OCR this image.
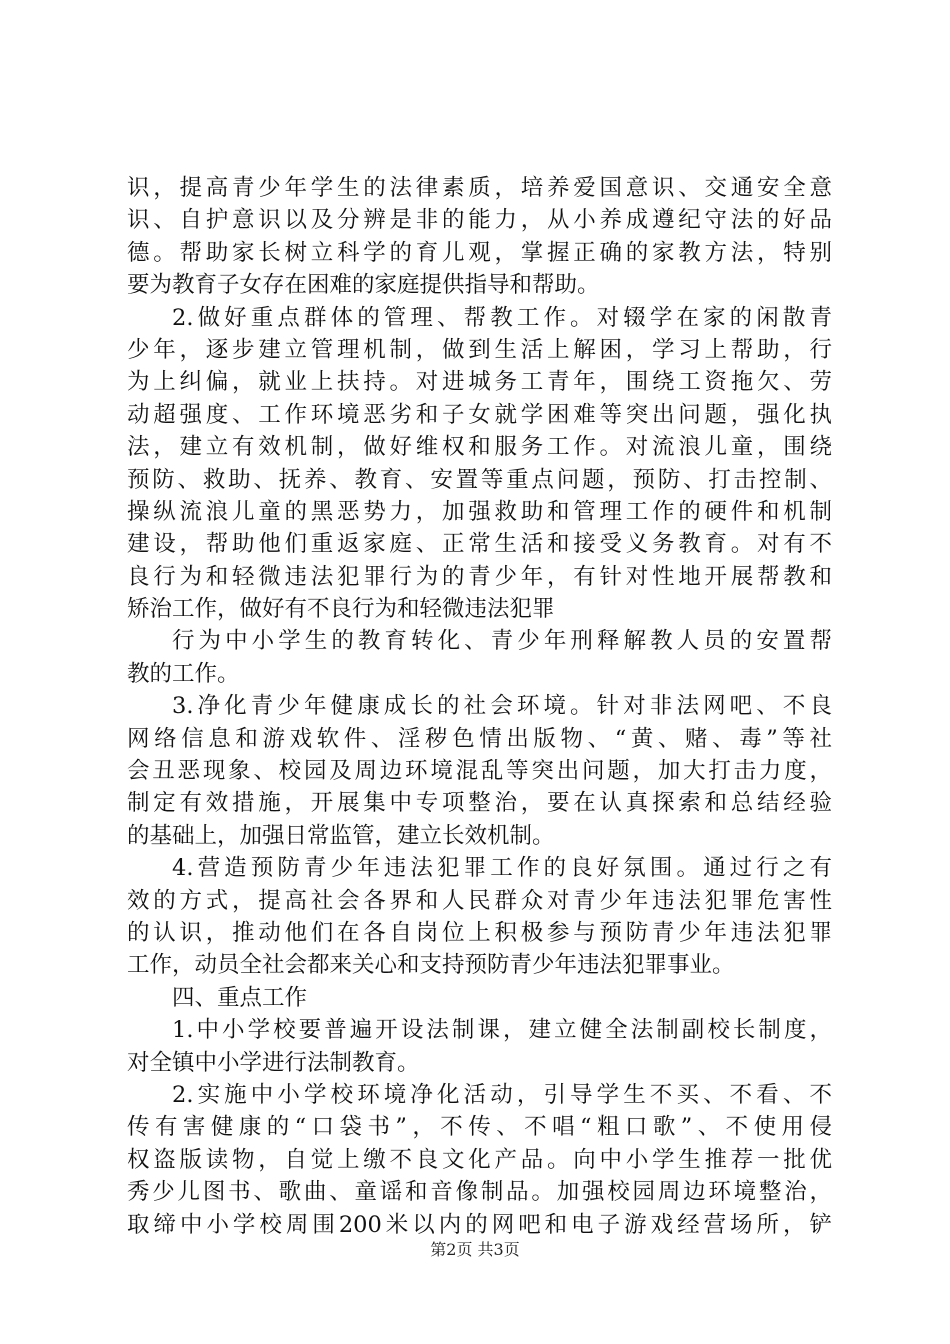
识，提高青少年学生的法律素质，培养爱国意识、交通安全意
识、自护意识以及分辨是非的能力，从小养成遵纪守法的好品
德。帮助家长树立科学的育儿观，掌握正确的家教方法，特别
要为教育子女存在困难的家庭提供指导和帮助。
2.做好重点群体的管理、帮教工作。对辍学在家的闲散青
少年，逐步建立管理机制，做到生活上解困，学习上帮助，行
为上纠偏，就业上扶持。对进城务工青年，围绕工资拖欠、劳
动超强度、工作环境恶劣和子女就学困难等突出问题，强化执
法，建立有效机制，做好维权和服务工作。对流浪儿童，围绕
预防、救助、抚养、教育、安置等重点问题，预防、打击控制、
操纵流浪儿童的黑恶势力，加强救助和管理工作的硬件和机制
建设，帮助他们重返家庭、正常生活和接受义务教育。对有不
良行为和轻微违法犯罪行为的青少年，有针对性地开展帮教和
矫治工作，做好有不良行为和轻微违法犯罪
行为中小学生的教育转化、青少年刑释解教人员的安置帮
教的工作。
3.净化青少年健康成长的社会环境。针对非法网吧、不良
网络信息和游戏软件、淫秽色情出版物、“黄、赌、毒”等社
会丑恶现象、校园及周边环境混乱等突出问题，加大打击力度，
制定有效措施，开展集中专项整治，要在认真探索和总结经验
的基础上，加强日常监管，建立长效机制。
4.营造预防青少年违法犯罪工作的良好氛围。通过行之有
效的方式，提高社会各界和人民群众对青少年违法犯罪危害性
的认识，推动他们在各自岗位上积极参与预防青少年违法犯罪
工作，动员全社会都来关心和支持预防青少年违法犯罪事业。
四、重点工作
1.中小学校要普遍开设法制课，建立健全法制副校长制度，
对全镇中小学进行法制教育。
2.实施中小学校环境净化活动，引导学生不买、不看、不
传有害健康的“口袋书”，不传、不唱“粗口歌”、不使用侵
权盗版读物，自觉上缴不良文化产品。向中小学生推荐一批优
秀少儿图书、歌曲、童谣和音像制品。加强校园周边环境整治，
取缔中小学校周围200米以内的网吧和电子游戏经营场所，铲
第2页 共3页
